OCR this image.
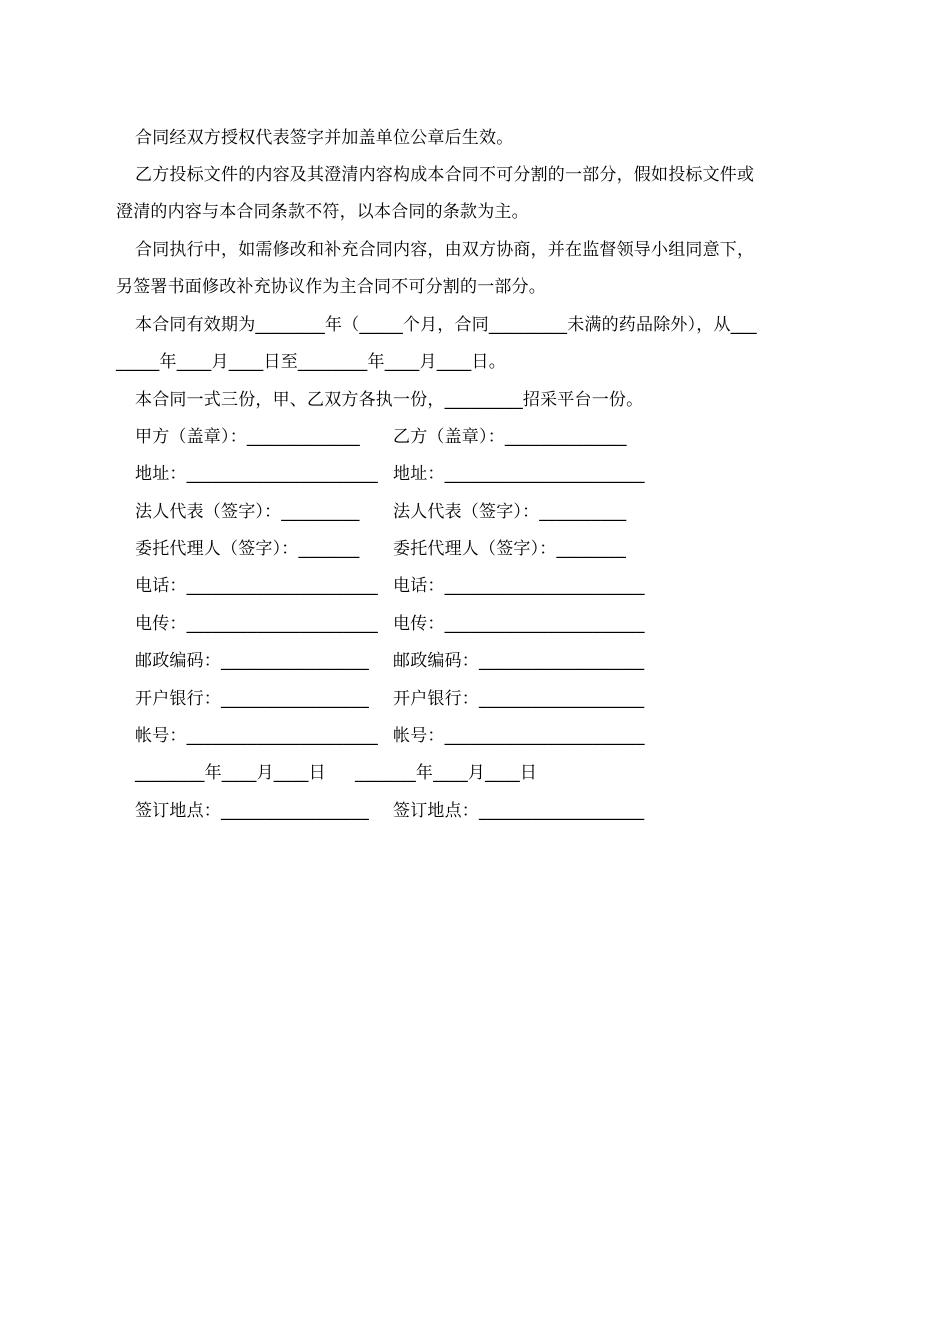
合同经双方授权代表签字并加盖单位公章后生效。
乙方投标文件的内容及其澄清内容构成本合同不可分割的一部分，假如投标文件或
澄清的内容与本合同条款不符，以本合同的条款为主。
合同执行中，如需修改和补充合同内容，由双方协商，并在监督领导小组同意下，
另签署书面修改补充协议作为主合同不可分割的一部分。
本合同有效期为________年（_____个月，合同_________未满的药品除外），从___
_____年____月____日至________年____月____日。
本合同一式三份，甲、乙双方各执一份，_________招采平台一份。
甲方（盖章）：_____________ 乙方（盖章）：______________
地址：______________________ 地址：_______________________
法人代表（签字）：_________ 法人代表（签字）：__________
委托代理人（签字）：_______ 委托代理人（签字）：________
电话：______________________ 电话：_______________________
电传：______________________ 电传：_______________________
邮政编码：_________________ 邮政编码：___________________
开户银行：_________________ 开户银行：___________________
帐号：______________________ 帐号：_______________________
________年____月____日 _______年____月____日
签订地点：_________________ 签订地点：___________________
